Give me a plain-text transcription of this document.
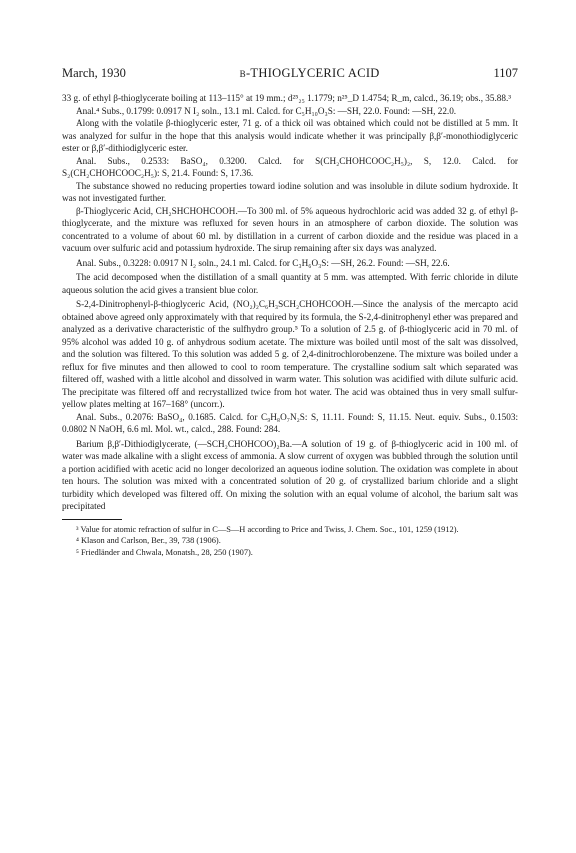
March, 1930	β-THIOGLYCERIC ACID	1107

33 g. of ethyl β-thioglycerate boiling at 113–115° at 19 mm.; d²⁵₂₅ 1.1779; n²⁵_D 1.4754; R_m, calcd., 36.19; obs., 35.88.³

Anal.⁴ Subs., 0.1799: 0.0917 N I₂ soln., 13.1 ml. Calcd. for C₅H₁₀O₃S: —SH, 22.0. Found: —SH, 22.0.

Along with the volatile β-thioglyceric ester, 71 g. of a thick oil was obtained which could not be distilled at 5 mm. It was analyzed for sulfur in the hope that this analysis would indicate whether it was principally β,β′-monothiodiglyceric ester or β,β′-dithiodiglyceric ester.

Anal. Subs., 0.2533: BaSO₄, 0.3200. Calcd. for S(CH₂CHOHCOOC₂H₅)₂, S, 12.0. Calcd. for S₂(CH₂CHOHCOOC₂H₅): S, 21.4. Found: S, 17.36.

The substance showed no reducing properties toward iodine solution and was insoluble in dilute sodium hydroxide. It was not investigated further.

β-Thioglyceric Acid, CH₂SHCHOHCOOH.—To 300 ml. of 5% aqueous hydrochloric acid was added 32 g. of ethyl β-thioglycerate, and the mixture was refluxed for seven hours in an atmosphere of carbon dioxide. The solution was concentrated to a volume of about 60 ml. by distillation in a current of carbon dioxide and the residue was placed in a vacuum over sulfuric acid and potassium hydroxide. The sirup remaining after six days was analyzed.

Anal. Subs., 0.3228: 0.0917 N I₂ soln., 24.1 ml. Calcd. for C₃H₆O₃S: —SH, 26.2. Found: —SH, 22.6.

The acid decomposed when the distillation of a small quantity at 5 mm. was attempted. With ferric chloride in dilute aqueous solution the acid gives a transient blue color.

S-2,4-Dinitrophenyl-β-thioglyceric Acid, (NO₂)₂C₆H₃SCH₂CHOHCOOH.—Since the analysis of the mercapto acid obtained above agreed only approximately with that required by its formula, the S-2,4-dinitrophenyl ether was prepared and analyzed as a derivative characteristic of the sulfhydro group.⁵ To a solution of 2.5 g. of β-thioglyceric acid in 70 ml. of 95% alcohol was added 10 g. of anhydrous sodium acetate. The mixture was boiled until most of the salt was dissolved, and the solution was filtered. To this solution was added 5 g. of 2,4-dinitrochlorobenzene. The mixture was boiled under a reflux for five minutes and then allowed to cool to room temperature. The crystalline sodium salt which separated was filtered off, washed with a little alcohol and dissolved in warm water. This solution was acidified with dilute sulfuric acid. The precipitate was filtered off and recrystallized twice from hot water. The acid was obtained thus in very small sulfur-yellow plates melting at 167–168° (uncorr.).

Anal. Subs., 0.2076: BaSO₄, 0.1685. Calcd. for C₉H₈O₇N₂S: S, 11.11. Found: S, 11.15. Neut. equiv. Subs., 0.1503: 0.0802 N NaOH, 6.6 ml. Mol. wt., calcd., 288. Found: 284.

Barium β,β′-Dithiodiglycerate, (—SCH₂CHOHCOO)₂Ba.—A solution of 19 g. of β-thioglyceric acid in 100 ml. of water was made alkaline with a slight excess of ammonia. A slow current of oxygen was bubbled through the solution until a portion acidified with acetic acid no longer decolorized an aqueous iodine solution. The oxidation was complete in about ten hours. The solution was mixed with a concentrated solution of 20 g. of crystallized barium chloride and a slight turbidity which developed was filtered off. On mixing the solution with an equal volume of alcohol, the barium salt was precipitated

³ Value for atomic refraction of sulfur in C—S—H according to Price and Twiss, J. Chem. Soc., 101, 1259 (1912).

⁴ Klason and Carlson, Ber., 39, 738 (1906).

⁵ Friedländer and Chwala, Monatsh., 28, 250 (1907).
